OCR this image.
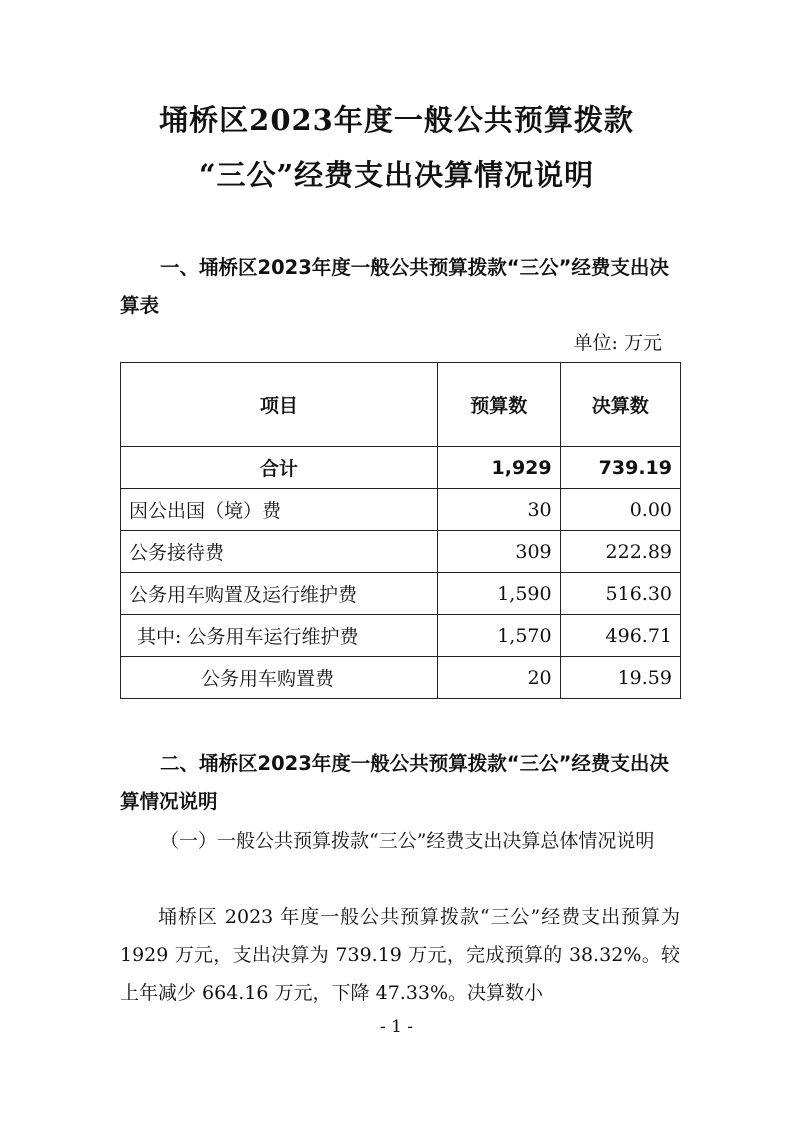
埇桥区2023年度一般公共预算拨款
“三公”经费支出决算情况说明
一、埇桥区2023年度一般公共预算拨款“三公”经费支出决算表
单位: 万元
项目	预算数	决算数
合计	1,929	739.19
因公出国（境）费	30	0.00
公务接待费	309	222.89
公务用车购置及运行维护费	1,590	516.30
其中: 公务用车运行维护费	1,570	496.71
公务用车购置费	20	19.59
二、埇桥区2023年度一般公共预算拨款“三公”经费支出决算情况说明
（一）一般公共预算拨款“三公”经费支出决算总体情况说明
埇桥区 2023 年度一般公共预算拨款“三公”经费支出预算为 1929 万元，支出决算为 739.19 万元，完成预算的 38.32%。较上年减少 664.16 万元，下降 47.33%。决算数小
- 1 -
